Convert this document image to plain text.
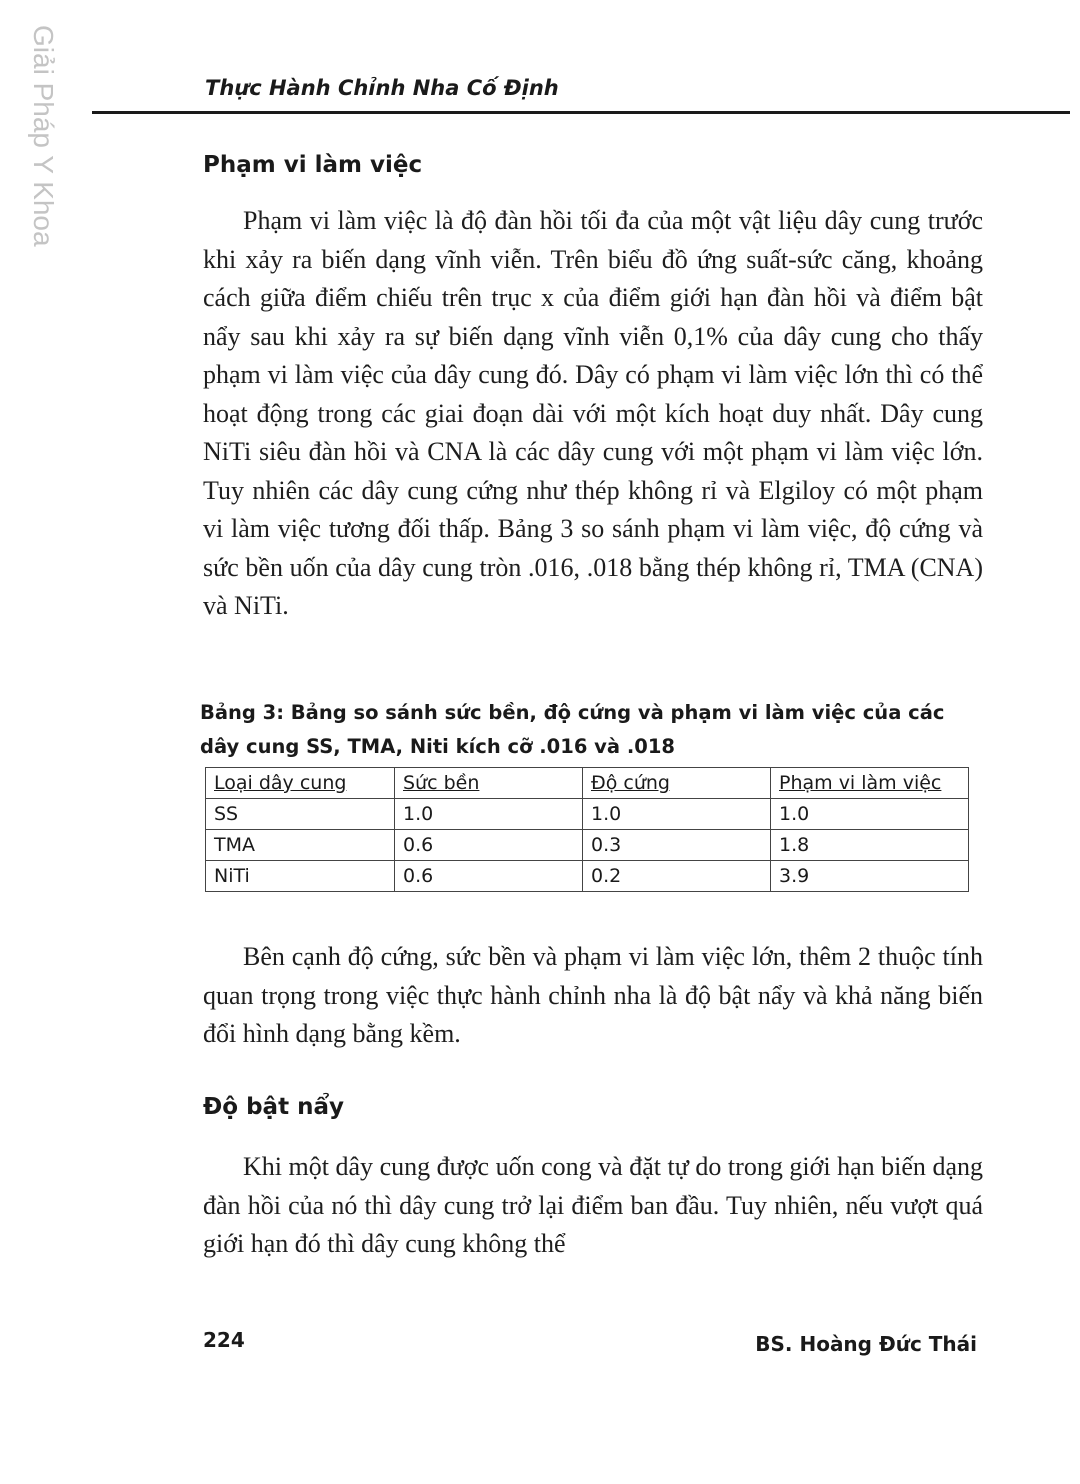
Giải Pháp Y Khoa	Thực Hành Chỉnh Nha Cố Định
Phạm vi làm việc

Phạm vi làm việc là độ đàn hồi tối đa của một vật liệu dây cung trước khi xảy ra biến dạng vĩnh viễn. Trên biểu đồ ứng suất-sức căng, khoảng cách giữa điểm chiếu trên trục x của điểm giới hạn đàn hồi và điểm bật nẩy sau khi xảy ra sự biến dạng vĩnh viễn 0,1% của dây cung cho thấy phạm vi làm việc của dây cung đó. Dây có phạm vi làm việc lớn thì có thể hoạt động trong các giai đoạn dài với một kích hoạt duy nhất. Dây cung NiTi siêu đàn hồi và CNA là các dây cung với một phạm vi làm việc lớn. Tuy nhiên các dây cung cứng như thép không rỉ và Elgiloy có một phạm vi làm việc tương đối thấp. Bảng 3 so sánh phạm vi làm việc, độ cứng và sức bền uốn của dây cung tròn .016, .018 bằng thép không rỉ, TMA (CNA) và NiTi.

Bảng 3: Bảng so sánh sức bền, độ cứng và phạm vi làm việc của các dây cung SS, TMA, Niti kích cỡ .016 và .018

Loại dây cung	Sức bền	Độ cứng	Phạm vi làm việc
SS	1.0	1.0	1.0
TMA	0.6	0.3	1.8
NiTi	0.6	0.2	3.9

Bên cạnh độ cứng, sức bền và phạm vi làm việc lớn, thêm 2 thuộc tính quan trọng trong việc thực hành chỉnh nha là độ bật nẩy và khả năng biến đổi hình dạng bằng kềm.

Độ bật nẩy

Khi một dây cung được uốn cong và đặt tự do trong giới hạn biến dạng đàn hồi của nó thì dây cung trở lại điểm ban đầu. Tuy nhiên, nếu vượt quá giới hạn đó thì dây cung không thể

224	BS. Hoàng Đức Thái
